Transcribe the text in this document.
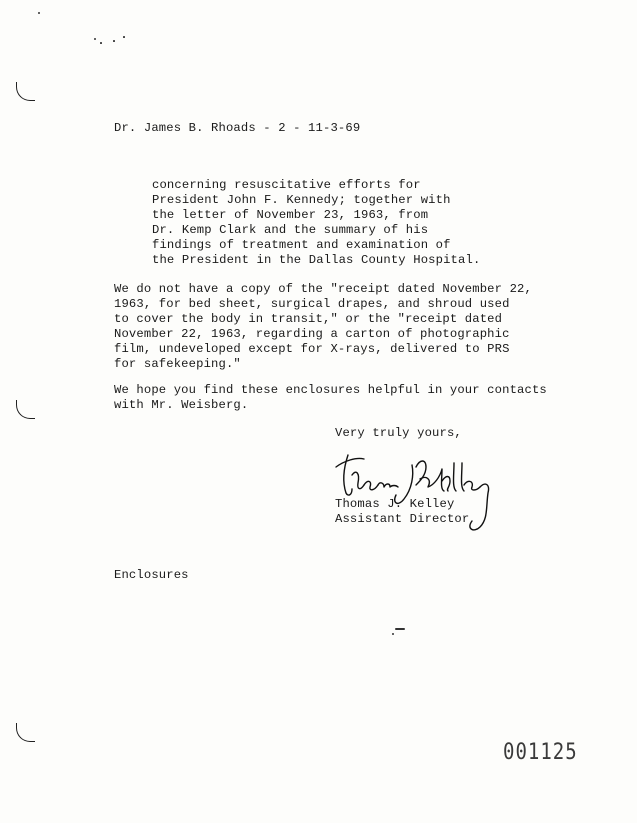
Dr. James B. Rhoads - 2 - 11-3-69
concerning resuscitative efforts for
President John F. Kennedy; together with
the letter of November 23, 1963, from
Dr. Kemp Clark and the summary of his
findings of treatment and examination of
the President in the Dallas County Hospital.
We do not have a copy of the "receipt dated November 22,
1963, for bed sheet, surgical drapes, and shroud used
to cover the body in transit," or the "receipt dated
November 22, 1963, regarding a carton of photographic
film, undeveloped except for X-rays, delivered to PRS
for safekeeping."
We hope you find these enclosures helpful in your contacts
with Mr. Weisberg.
Very truly yours,
Thomas J. Kelley
Assistant Director
Enclosures
001125
